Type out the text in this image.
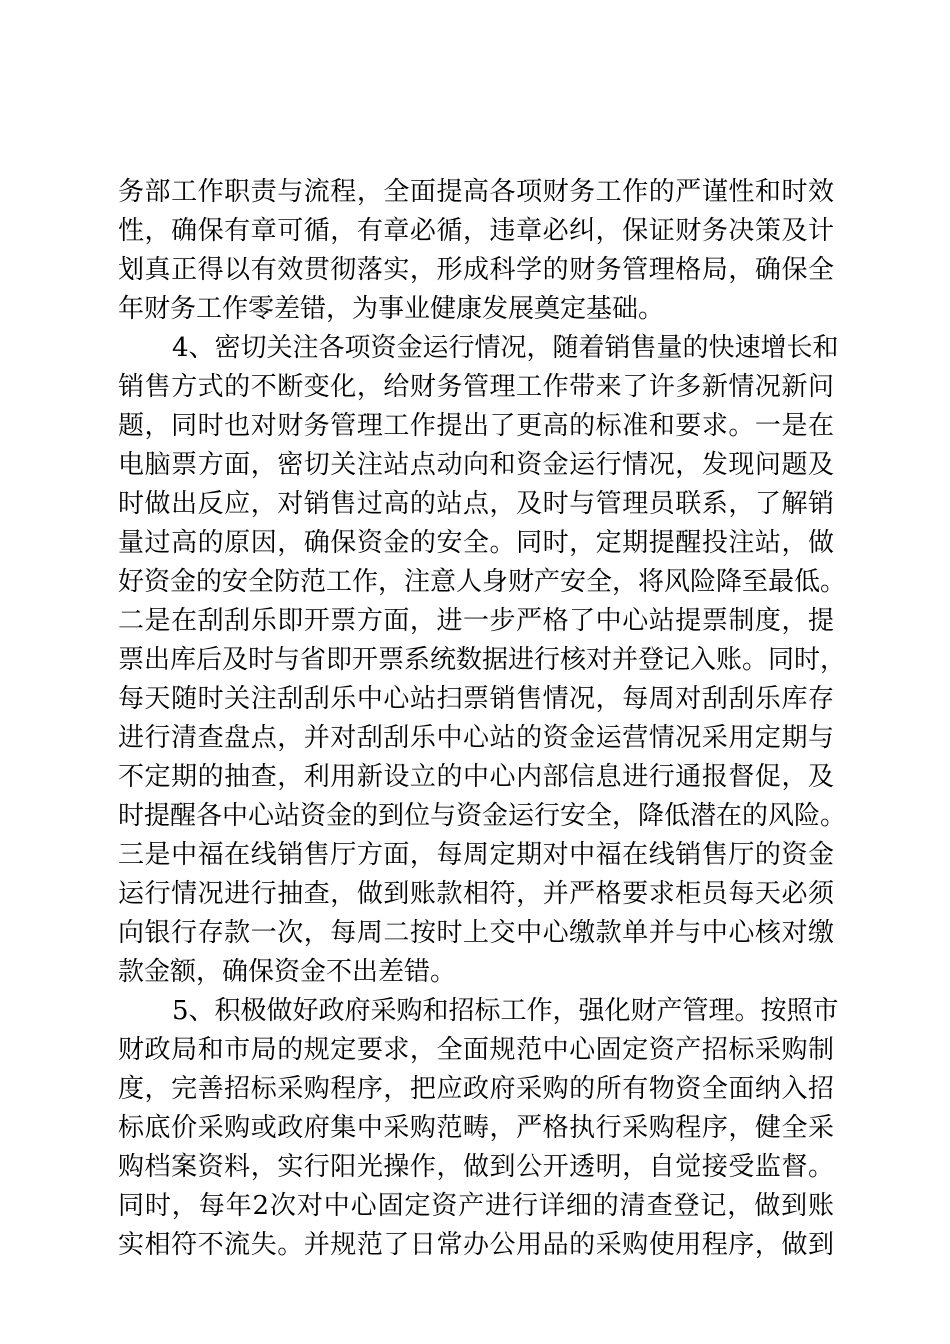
务部工作职责与流程，全面提高各项财务工作的严谨性和时效
性，确保有章可循，有章必循，违章必纠，保证财务决策及计
划真正得以有效贯彻落实，形成科学的财务管理格局，确保全
年财务工作零差错，为事业健康发展奠定基础。
4、密切关注各项资金运行情况，随着销售量的快速增长和
销售方式的不断变化，给财务管理工作带来了许多新情况新问
题，同时也对财务管理工作提出了更高的标准和要求。一是在
电脑票方面，密切关注站点动向和资金运行情况，发现问题及
时做出反应，对销售过高的站点，及时与管理员联系，了解销
量过高的原因，确保资金的安全。同时，定期提醒投注站，做
好资金的安全防范工作，注意人身财产安全，将风险降至最低。
二是在刮刮乐即开票方面，进一步严格了中心站提票制度，提
票出库后及时与省即开票系统数据进行核对并登记入账。同时，
每天随时关注刮刮乐中心站扫票销售情况，每周对刮刮乐库存
进行清查盘点，并对刮刮乐中心站的资金运营情况采用定期与
不定期的抽查，利用新设立的中心内部信息进行通报督促，及
时提醒各中心站资金的到位与资金运行安全，降低潜在的风险。
三是中福在线销售厅方面，每周定期对中福在线销售厅的资金
运行情况进行抽查，做到账款相符，并严格要求柜员每天必须
向银行存款一次，每周二按时上交中心缴款单并与中心核对缴
款金额，确保资金不出差错。
5、积极做好政府采购和招标工作，强化财产管理。按照市
财政局和市局的规定要求，全面规范中心固定资产招标采购制
度，完善招标采购程序，把应政府采购的所有物资全面纳入招
标底价采购或政府集中采购范畴，严格执行采购程序，健全采
购档案资料，实行阳光操作，做到公开透明，自觉接受监督。
同时，每年2次对中心固定资产进行详细的清查登记，做到账
实相符不流失。并规范了日常办公用品的采购使用程序，做到
